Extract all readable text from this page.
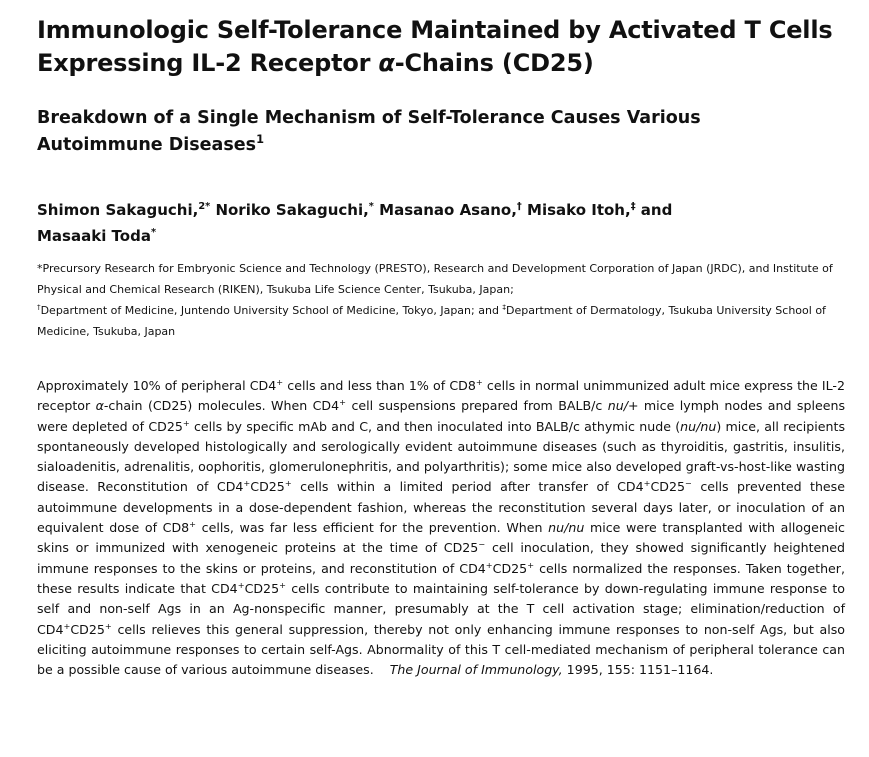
Immunologic Self-Tolerance Maintained by Activated T Cells
Expressing IL-2 Receptor α-Chains (CD25)
Breakdown of a Single Mechanism of Self-Tolerance Causes Various
Autoimmune Diseases$^1$

Shimon Sakaguchi,$^{2*}$ Noriko Sakaguchi,* Masanao Asano,† Misako Itoh,‡ and
Masaaki Toda*

*Precursory Research for Embryonic Science and Technology (PRESTO), Research and Development Corporation of Japan (JRDC), and Institute of Physical and Chemical Research (RIKEN), Tsukuba Life Science Center, Tsukuba, Japan;

†Department of Medicine, Juntendo University School of Medicine, Tokyo, Japan; and ‡Department of Dermatology, Tsukuba University School of Medicine, Tsukuba, Japan

Approximately 10% of peripheral CD4+ cells and less than 1% of CD8+ cells in normal unimmunized adult mice express the IL-2 receptor α-chain (CD25) molecules. When CD4+ cell suspensions prepared from BALB/c nu/+ mice lymph nodes and spleens were depleted of CD25+ cells by specific mAb and C, and then inoculated into BALB/c athymic nude (nu/nu) mice, all recipients spontaneously developed histologically and serologically evident autoimmune diseases (such as thyroiditis, gastritis, insulitis, sialoadenitis, adrenalitis, oophoritis, glomerulonephritis, and polyarthritis); some mice also developed graft-vs-host-like wasting disease. Reconstitution of CD4+CD25+ cells within a limited period after transfer of CD4+CD25− cells prevented these autoimmune developments in a dose-dependent fashion, whereas the reconstitution several days later, or inoculation of an equivalent dose of CD8+ cells, was far less efficient for the prevention. When nu/nu mice were transplanted with allogeneic skins or immunized with xenogeneic proteins at the time of CD25− cell inoculation, they showed significantly heightened immune responses to the skins or proteins, and reconstitution of CD4+CD25+ cells normalized the responses. Taken together, these results indicate that CD4+CD25+ cells contribute to maintaining self-tolerance by down-regulating immune response to self and non-self Ags in an Ag-nonspecific manner, presumably at the T cell activation stage; elimination/reduction of CD4+CD25+ cells relieves this general suppression, thereby not only enhancing immune responses to non-self Ags, but also eliciting autoimmune responses to certain self-Ags. Abnormality of this T cell-mediated mechanism of peripheral tolerance can be a possible cause of various autoimmune diseases. The Journal of Immunology, 1995, 155: 1151–1164.
